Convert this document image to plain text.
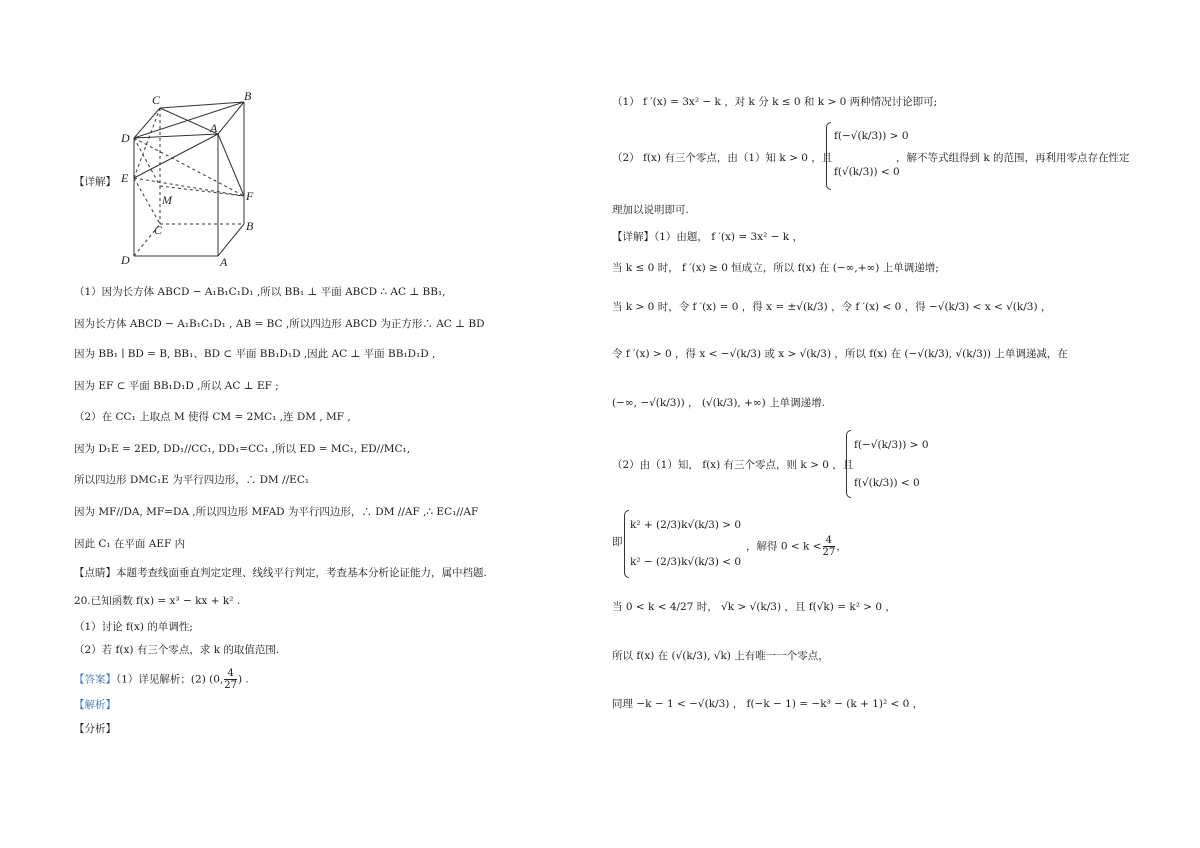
C	B
D
A
E
F
M
C	B
D	A
【详解】
（1）因为长方体 ABCD − A₁B₁C₁D₁ ,所以 BB₁ ⊥ 平面 ABCD ∴ AC ⊥ BB₁,
因为长方体 ABCD − A₁B₁C₁D₁ , AB = BC ,所以四边形 ABCD 为正方形∴ AC ⊥ BD
因为 BB₁ ∣ BD = B, BB₁、BD ⊂ 平面 BB₁D₁D ,因此 AC ⊥ 平面 BB₁D₁D ,
因为 EF ⊂ 平面 BB₁D₁D ,所以 AC ⊥ EF ;
（2）在 CC₁ 上取点 M 使得 CM = 2MC₁ ,连 DM , MF ,
因为 D₁E = 2ED, DD₁//CC₁, DD₁=CC₁ ,所以 ED = MC₁, ED//MC₁,
所以四边形 DMC₁E 为平行四边形，∴ DM //EC₁
因为 MF//DA, MF=DA ,所以四边形 MFAD 为平行四边形，∴ DM //AF ,∴ EC₁//AF
因此 C₁ 在平面 AEF 内
【点睛】本题考查线面垂直判定定理、线线平行判定，考查基本分析论证能力，属中档题.
20.已知函数 f(x) = x³ − kx + k² .
（1）讨论 f(x) 的单调性;
（2）若 f(x) 有三个零点，求 k 的取值范围.
【答案】（1）详见解析；(2) (0, $\frac{4}{27}$ ) .
【解析】
【分析】
（1） f ′(x) = 3x² − k ，对 k 分 k ≤ 0 和 k > 0 两种情况讨论即可;
（2） f(x) 有三个零点，由（1）知 k > 0 ，且
f(−√(k/3)) > 0
f(√(k/3)) < 0
，解不等式组得到 k 的范围，再利用零点存在性定
理加以说明即可.
【详解】（1）由题， f ′(x) = 3x² − k ，
当 k ≤ 0 时， f ′(x) ≥ 0 恒成立，所以 f(x) 在 (−∞,+∞) 上单调递增;
当 k > 0 时，令 f ′(x) = 0 ，得 x = ±√(k/3) ，令 f ′(x) < 0 ，得 −√(k/3) < x < √(k/3) ，
令 f ′(x) > 0 ，得 x < −√(k/3) 或 x > √(k/3) ，所以 f(x) 在 (−√(k/3), √(k/3)) 上单调递减，在
(−∞, −√(k/3)) ， (√(k/3), +∞) 上单调递增.
（2）由（1）知， f(x) 有三个零点，则 k > 0 ，且
f(−√(k/3)) > 0
f(√(k/3)) < 0
即
k² + (2/3)k√(k/3) > 0
k² − (2/3)k√(k/3) < 0
，解得 $0 < k < \frac{4}{27}$ ，
当 0 < k < 4/27 时， √k > √(k/3) ，且 f(√k) = k² > 0 ，
所以 f(x) 在 (√(k/3), √k) 上有唯一一个零点，
同理 −k − 1 < −√(k/3) ， f(−k − 1) = −k³ − (k + 1)² < 0 ，
